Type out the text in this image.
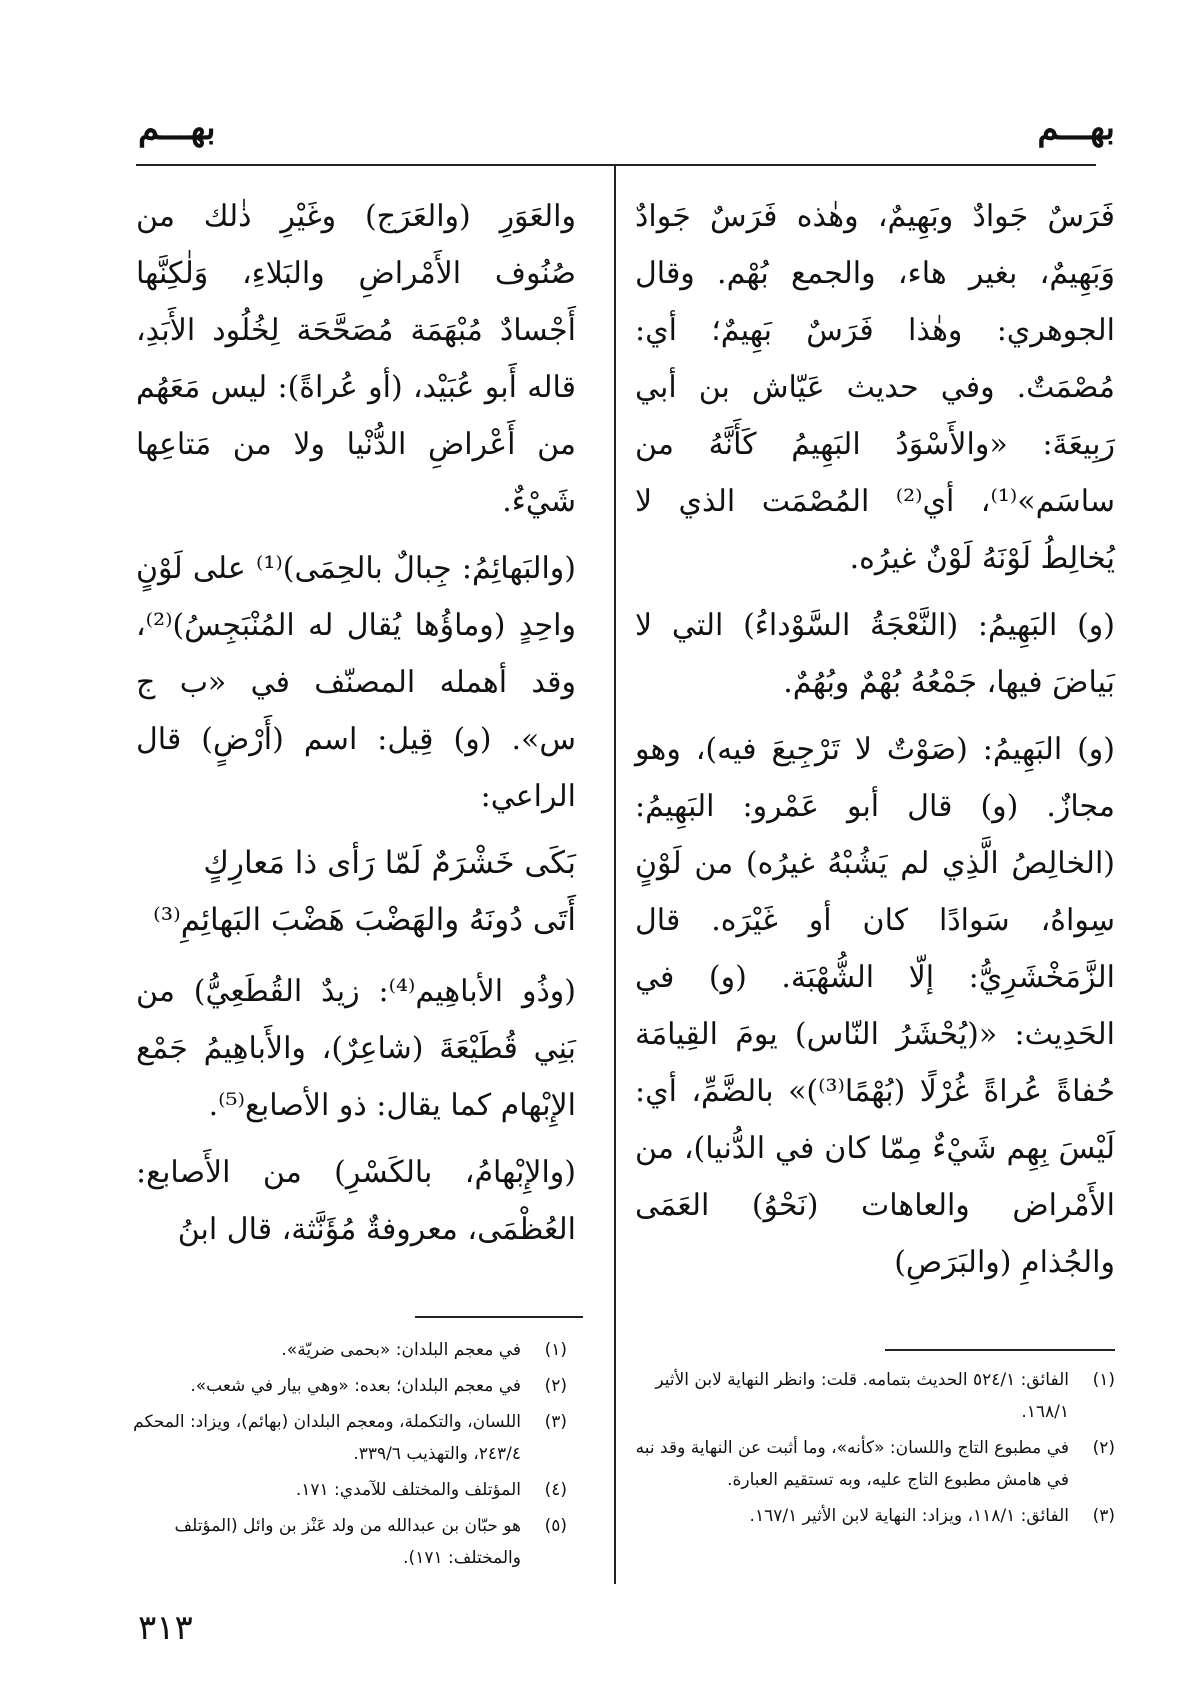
بهـــم
بهـــم

فَرَسٌ جَوادٌ وبَهِيمٌ، وهٰذه فَرَسٌ جَوادٌ وَبَهِيمٌ، بغير هاء، والجمع بُهْم. وقال الجوهري: وهٰذا فَرَسٌ بَهِيمٌ؛ أي: مُصْمَتٌ. وفي حديث عَيّاش بن أبي رَبِيعَةَ: «والأَسْوَدُ البَهِيمُ كَأَنَّهُ من ساسَم»⁽¹⁾، أي⁽²⁾ المُصْمَت الذي لا يُخالِطُ لَوْنَهُ لَوْنٌ غيرُه.

(و) البَهِيمُ: (النَّعْجَةُ السَّوْداءُ) التي لا بَياضَ فيها، جَمْعُهُ بُهْمٌ وبُهُمٌ.

(و) البَهِيمُ: (صَوْتٌ لا تَرْجِيعَ فيه)، وهو مجازٌ. (و) قال أبو عَمْرو: البَهِيمُ: (الخالِصُ الَّذِي لم يَشُبْهُ غيرُه) من لَوْنٍ سِواهُ، سَوادًا كان أو غَيْرَه. قال الزَّمَخْشَرِيُّ: إلّا الشُّهْبَة. (و) في الحَدِيث: «(يُحْشَرُ النّاس) يومَ القِيامَة حُفاةً عُراةً غُرْلًا (بُهْمًا⁽³⁾)» بالضَّمِّ، أي: لَيْسَ بِهِم شَيْءٌ مِمّا كان في الدُّنيا)، من الأَمْراض والعاهات (نَحْوُ) العَمَى والجُذامِ (والبَرَصِ)

والعَوَرِ (والعَرَج) وغَيْرِ ذٰلك من صُنُوف الأَمْراضِ والبَلاءِ، وَلٰكِنَّها أَجْسادٌ مُبْهَمَة مُصَحَّحَة لِخُلُود الأَبَدِ، قاله أَبو عُبَيْد، (أو عُراةً): ليس مَعَهُم من أَعْراضِ الدُّنْيا ولا من مَتاعِها شَيْءٌ.

(والبَهائِمُ: جِبالٌ بالحِمَى)⁽¹⁾ على لَوْنٍ واحِدٍ (وماؤُها يُقال له المُنْبَجِسُ)⁽²⁾، وقد أهمله المصنّف في «ب ج س». (و) قِيل: اسم (أَرْضٍ) قال الراعي:

بَكَى خَشْرَمٌ لَمّا رَأى ذا مَعارِكٍ
أَتَى دُونَهُ والهَضْبَ هَضْبَ البَهائِمِ⁽³⁾

(وذُو الأباهِيم⁽⁴⁾: زيدٌ القُطَعِيُّ) من بَنِي قُطَيْعَةَ (شاعِرٌ)، والأَباهِيمُ جَمْع الإِبْهام كما يقال: ذو الأصابع⁽⁵⁾.

(والإِبْهامُ، بالكَسْرِ) من الأَصابع: العُظْمَى، معروفةٌ مُؤَنَّثة، قال ابنُ

(١)
الفائق: ٥٢٤/١ الحديث بتمامه. قلت: وانظر النهاية لابن الأثير ١٦٨/١.
(٢)
في مطبوع التاج واللسان: «كأنه»، وما أثبت عن النهاية وقد نبه في هامش مطبوع التاج عليه، وبه تستقيم العبارة.
(٣)
الفائق: ١١٨/١، ويزاد: النهاية لابن الأثير ١٦٧/١.
(١)
في معجم البلدان: «بحمى ضريّة».
(٢)
في معجم البلدان؛ بعده: «وهي بيار في شعب».
(٣)
اللسان، والتكملة، ومعجم البلدان (بهائم)، ويزاد: المحكم ٢٤٣/٤، والتهذيب ٣٣٩/٦.
(٤)
المؤتلف والمختلف للآمدي: ١٧١.
(٥)
هو حبّان بن عبدالله من ولد عَنْز بن وائل (المؤتلف والمختلف: ١٧١).
٣١٣
